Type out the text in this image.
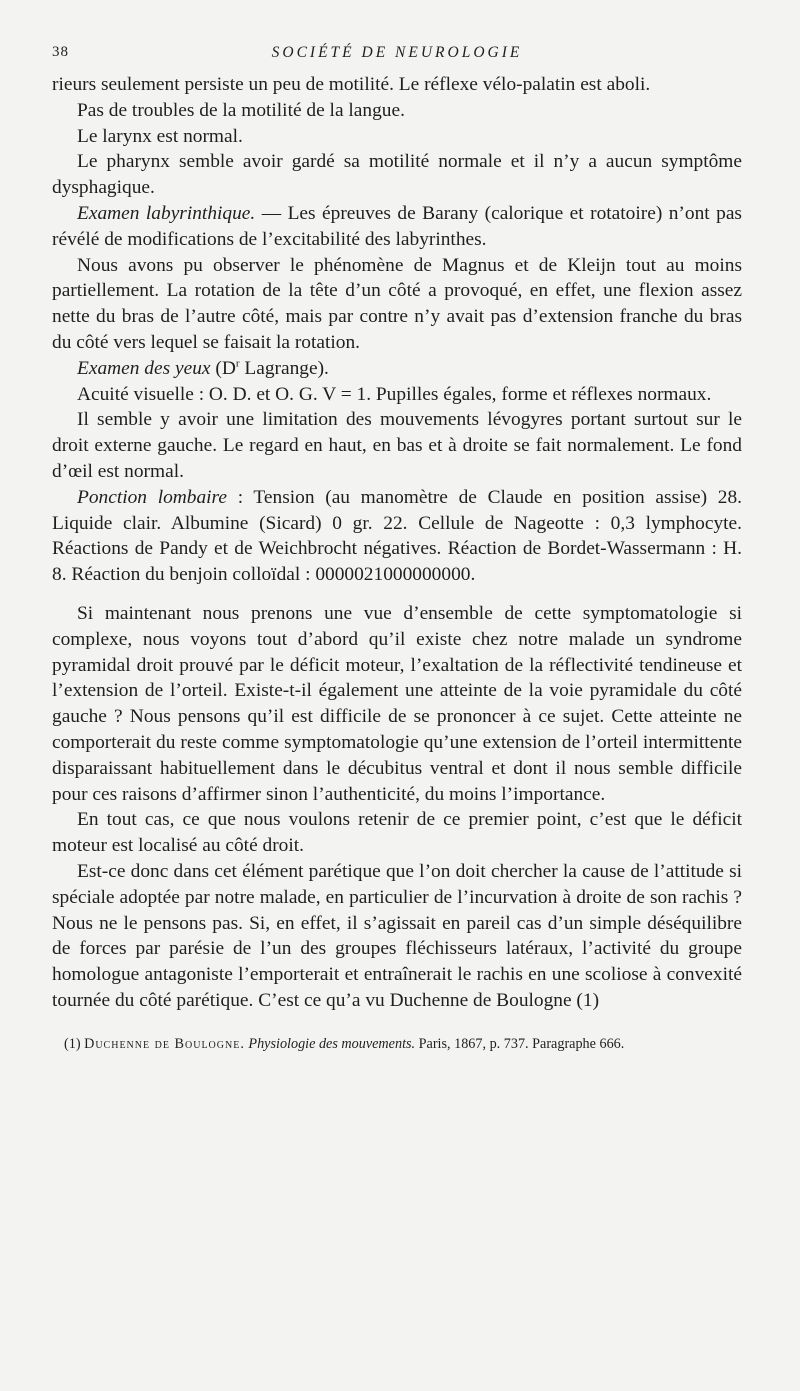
38	SOCIÉTÉ DE NEUROLOGIE

rieurs seulement persiste un peu de motilité. Le réflexe vélo-palatin est aboli.

Pas de troubles de la motilité de la langue.

Le larynx est normal.

Le pharynx semble avoir gardé sa motilité normale et il n’y a aucun symptôme dysphagique.

Examen labyrinthique. — Les épreuves de Barany (calorique et rotatoire) n’ont pas révélé de modifications de l’excitabilité des labyrinthes.

Nous avons pu observer le phénomène de Magnus et de Kleijn tout au moins partiellement. La rotation de la tête d’un côté a provoqué, en effet, une flexion assez nette du bras de l’autre côté, mais par contre n’y avait pas d’extension franche du bras du côté vers lequel se faisait la rotation.

Examen des yeux ($D^r$ Lagrange).

Acuité visuelle : O. D. et O. G. V = 1. Pupilles égales, forme et réflexes normaux.

Il semble y avoir une limitation des mouvements lévogyres portant surtout sur le droit externe gauche. Le regard en haut, en bas et à droite se fait normalement. Le fond d’œil est normal.

Ponction lombaire : Tension (au manomètre de Claude en position assise) 28. Liquide clair. Albumine (Sicard) 0 gr. 22. Cellule de Nageotte : 0,3 lymphocyte. Réactions de Pandy et de Weichbrocht négatives. Réaction de Bordet-Wassermann : H. 8. Réaction du benjoin colloïdal : 0000021000000000.

Si maintenant nous prenons une vue d’ensemble de cette symptomatologie si complexe, nous voyons tout d’abord qu’il existe chez notre malade un syndrome pyramidal droit prouvé par le déficit moteur, l’exaltation de la réflectivité tendineuse et l’extension de l’orteil. Existe-t-il également une atteinte de la voie pyramidale du côté gauche ? Nous pensons qu’il est difficile de se prononcer à ce sujet. Cette atteinte ne comporterait du reste comme symptomatologie qu’une extension de l’orteil intermittente disparaissant habituellement dans le décubitus ventral et dont il nous semble difficile pour ces raisons d’affirmer sinon l’authenticité, du moins l’importance.

En tout cas, ce que nous voulons retenir de ce premier point, c’est que le déficit moteur est localisé au côté droit.

Est-ce donc dans cet élément parétique que l’on doit chercher la cause de l’attitude si spéciale adoptée par notre malade, en particulier de l’incurvation à droite de son rachis ? Nous ne le pensons pas. Si, en effet, il s’agissait en pareil cas d’un simple déséquilibre de forces par parésie de l’un des groupes fléchisseurs latéraux, l’activité du groupe homologue antagoniste l’emporterait et entraînerait le rachis en une scoliose à convexité tournée du côté parétique. C’est ce qu’a vu Duchenne de Boulogne (1)

(1) Duchenne de Boulogne. Physiologie des mouvements. Paris, 1867, p. 737. Paragraphe 666.
